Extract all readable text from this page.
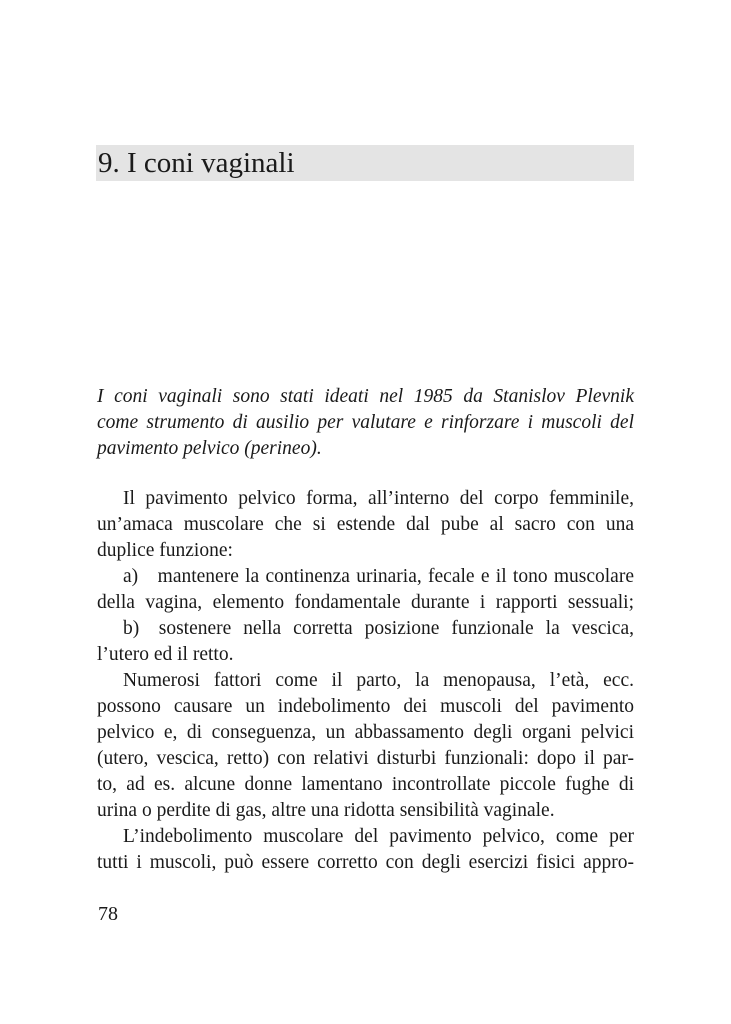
9. I coni vaginali
I coni vaginali sono stati ideati nel 1985 da Stanislov Plevnik
come strumento di ausilio per valutare e rinforzare i muscoli del
pavimento pelvico (perineo).
Il pavimento pelvico forma, all’interno del corpo femminile,
un’amaca muscolare che si estende dal pube al sacro con una
duplice funzione:
a) mantenere la continenza urinaria, fecale e il tono muscolare
della vagina, elemento fondamentale durante i rapporti sessuali;
b) sostenere nella corretta posizione funzionale la vescica,
l’utero ed il retto.
Numerosi fattori come il parto, la menopausa, l’età, ecc.
possono causare un indebolimento dei muscoli del pavimento
pelvico e, di conseguenza, un abbassamento degli organi pelvici
(utero, vescica, retto) con relativi disturbi funzionali: dopo il par-
to, ad es. alcune donne lamentano incontrollate piccole fughe di
urina o perdite di gas, altre una ridotta sensibilità vaginale.
L’indebolimento muscolare del pavimento pelvico, come per
tutti i muscoli, può essere corretto con degli esercizi fisici appro-
78
